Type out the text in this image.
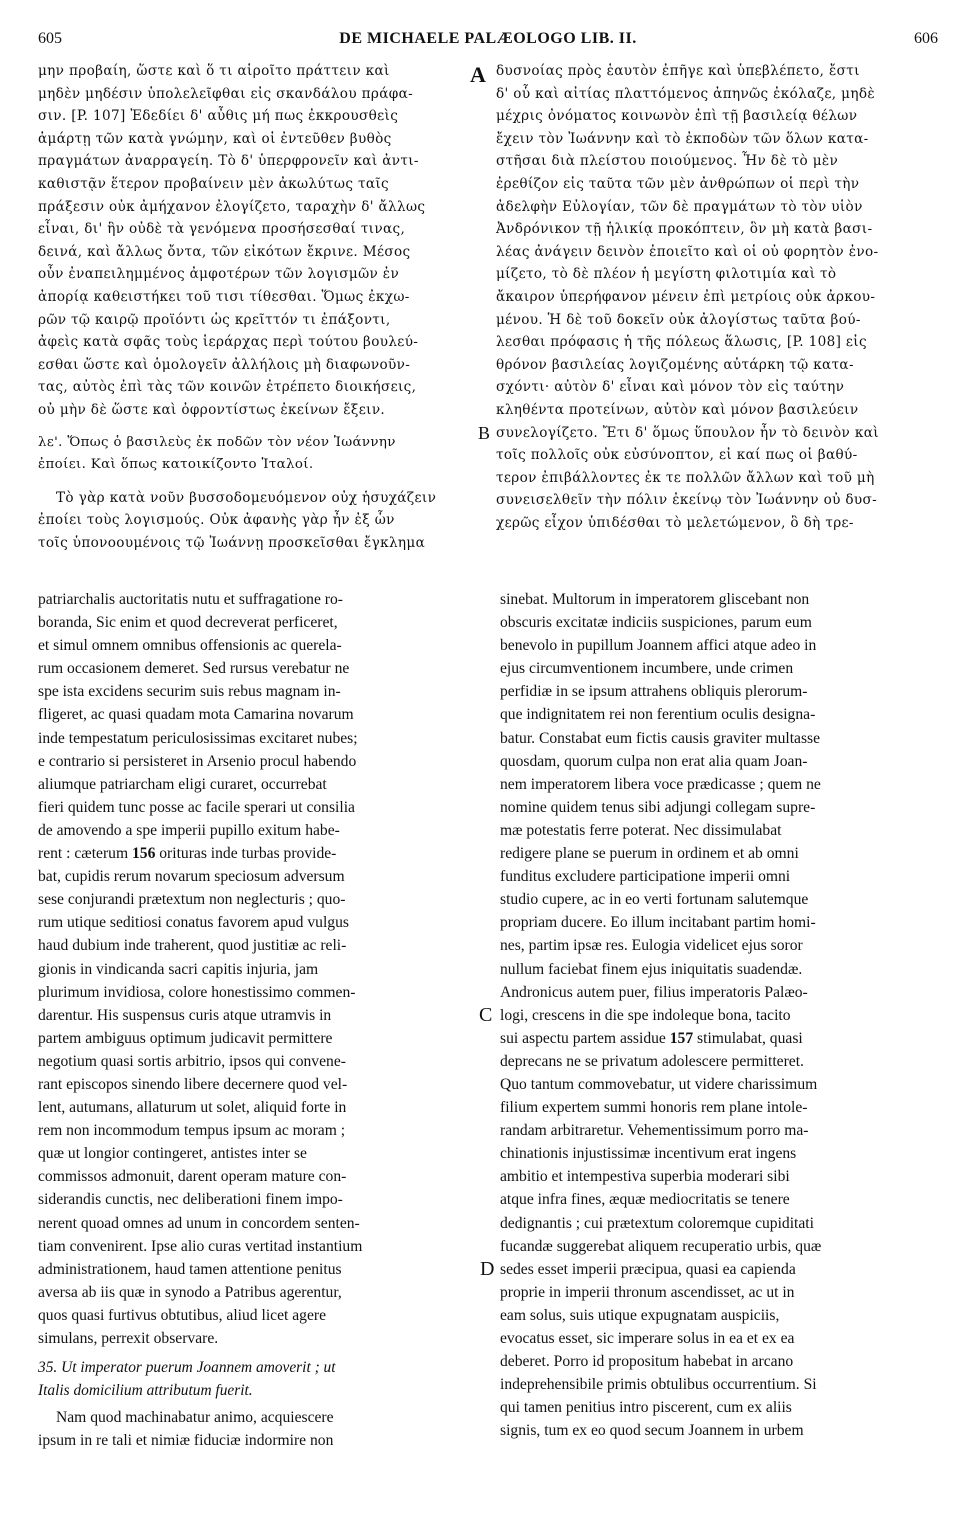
605	DE MICHAELE PALÆOLOGO LIB. II.	606
A
B
C
D
μην προβαίη, ὥστε καὶ ὅ τι αἱροῖτο πράττειν καὶ
μηδὲν μηδέσιν ὑπολελεῖφθαι εἰς σκανδάλου πράφα-
σιν. [P. 107] Ἐδεδίει δ' αὖθις μή πως ἐκκρουσθεὶς
ἁμάρτῃ τῶν κατὰ γνώμην, καὶ οἱ ἐντεῦθεν βυθὸς
πραγμάτων ἀναρραγείη. Τὸ δ' ὑπερφρονεῖν καὶ ἀντι-
καθιστᾷν ἕτερον προβαίνειν μὲν ἀκωλύτως ταῖς
πράξεσιν οὐκ ἀμήχανον ἐλογίζετο, ταραχὴν δ' ἄλλως
εἶναι, δι' ἣν οὐδὲ τὰ γενόμενα προσήσεσθαί τινας,
δεινά, καὶ ἄλλως ὄντα, τῶν εἰκότων ἔκρινε. Μέσος
οὖν ἐναπειλημμένος ἀμφοτέρων τῶν λογισμῶν ἐν
ἀπορίᾳ καθειστήκει τοῦ τισι τίθεσθαι. Ὅμως ἐκχω-
ρῶν τῷ καιρῷ προϊόντι ὡς κρεῖττόν τι ἐπάξοντι,
ἀφεὶς κατὰ σφᾶς τοὺς ἱεράρχας περὶ τούτου βουλεύ-
εσθαι ὥστε καὶ ὁμολογεῖν ἀλλήλοις μὴ διαφωνοῦν-
τας, αὐτὸς ἐπὶ τὰς τῶν κοινῶν ἐτρέπετο διοικήσεις,
οὐ μὴν δὲ ὥστε καὶ ὀφροντίστως ἐκείνων ἔξειν.
λε'. Ὅπως ὁ βασιλεὺς ἐκ ποδῶν τὸν νέον Ἰωάννην
ἐποίει. Καὶ ὅπως κατοικίζοντο Ἰταλοί.
Τὸ γὰρ κατὰ νοῦν βυσσοδομευόμενον οὐχ ἡσυχάζειν
ἐποίει τοὺς λογισμούς. Οὐκ ἀφανὴς γὰρ ἦν ἐξ ὧν
τοῖς ὑπονοουμένοις τῷ Ἰωάννῃ προσκεῖσθαι ἔγκλημα
δυσνοίας πρὸς ἑαυτὸν ἐπῆγε καὶ ὑπεβλέπετο, ἔστι
δ' οὗ καὶ αἰτίας πλαττόμενος ἀπηνῶς ἐκόλαζε, μηδὲ
μέχρις ὀνόματος κοινωνὸν ἐπὶ τῇ βασιλείᾳ θέλων
ἔχειν τὸν Ἰωάννην καὶ τὸ ἐκποδὼν τῶν ὅλων κατα-
στῆσαι διὰ πλείστου ποιούμενος. Ἦν δὲ τὸ μὲν
ἐρεθίζον εἰς ταῦτα τῶν μὲν ἀνθρώπων οἱ περὶ τὴν
ἀδελφὴν Εὐλογίαν, τῶν δὲ πραγμάτων τὸ τὸν υἱὸν
Ἀνδρόνικον τῇ ἡλικίᾳ προκόπτειν, ὃν μὴ κατὰ βασι-
λέας ἀνάγειν δεινὸν ἐποιεῖτο καὶ οἱ οὐ φορητὸν ἐνο-
μίζετο, τὸ δὲ πλέον ἡ μεγίστη φιλοτιμία καὶ τὸ
ἄκαιρον ὑπερήφανον μένειν ἐπὶ μετρίοις οὐκ ἀρκου-
μένου. Ἡ δὲ τοῦ δοκεῖν οὐκ ἀλογίστως ταῦτα βού-
λεσθαι πρόφασις ἡ τῆς πόλεως ἅλωσις, [P. 108] εἰς
θρόνον βασιλείας λογιζομένης αὐτάρκη τῷ κατα-
σχόντι· αὐτὸν δ' εἶναι καὶ μόνον τὸν εἰς ταύτην
κληθέντα προτείνων, αὐτὸν καὶ μόνον βασιλεύειν
συνελογίζετο. Ἔτι δ' ὅμως ὕπουλον ἦν τὸ δεινὸν καὶ
τοῖς πολλοῖς οὐκ εὐσύνοπτον, εἰ καί πως οἱ βαθύ-
τερον ἐπιβάλλοντες ἐκ τε πολλῶν ἄλλων καὶ τοῦ μὴ
συνεισελθεῖν τὴν πόλιν ἐκείνῳ τὸν Ἰωάννην οὐ δυσ-
χερῶς εἶχον ὑπιδέσθαι τὸ μελετώμενον, ὃ δὴ τρε-
patriarchalis auctoritatis nutu et suffragatione ro-
boranda, Sic enim et quod decreverat perficeret,
et simul omnem omnibus offensionis ac querela-
rum occasionem demeret. Sed rursus verebatur ne
spe ista excidens securim suis rebus magnam in-
fligeret, ac quasi quadam mota Camarina novarum
inde tempestatum periculosissimas excitaret nubes;
e contrario si persisteret in Arsenio procul habendo
aliumque patriarcham eligi curaret, occurrebat
fieri quidem tunc posse ac facile sperari ut consilia
de amovendo a spe imperii pupillo exitum habe-
rent : cæterum 156 orituras inde turbas provide-
bat, cupidis rerum novarum speciosum adversum
sese conjurandi prætextum non neglecturis ; quo-
rum utique seditiosi conatus favorem apud vulgus
haud dubium inde traherent, quod justitiæ ac reli-
gionis in vindicanda sacri capitis injuria, jam
plurimum invidiosa, colore honestissimo commen-
darentur. His suspensus curis atque utramvis in
partem ambiguus optimum judicavit permittere
negotium quasi sortis arbitrio, ipsos qui convene-
rant episcopos sinendo libere decernere quod vel-
lent, autumans, allaturum ut solet, aliquid forte in
rem non incommodum tempus ipsum ac moram ;
quæ ut longior contingeret, antistes inter se
commissos admonuit, darent operam mature con-
siderandis cunctis, nec deliberationi finem impo-
nerent quoad omnes ad unum in concordem senten-
tiam convenirent. Ipse alio curas vertitad instantium
administrationem, haud tamen attentione penitus
aversa ab iis quæ in synodo a Patribus agerentur,
quos quasi furtivus obtutibus, aliud licet agere
simulans, perrexit observare.
35. Ut imperator puerum Joannem amoverit ; ut
Italis domicilium attributum fuerit.
Nam quod machinabatur animo, acquiescere
ipsum in re tali et nimiæ fiduciæ indormire non
sinebat. Multorum in imperatorem gliscebant non
obscuris excitatæ indiciis suspiciones, parum eum
benevolo in pupillum Joannem affici atque adeo in
ejus circumventionem incumbere, unde crimen
perfidiæ in se ipsum attrahens obliquis plerorum-
que indignitatem rei non ferentium oculis designa-
batur. Constabat eum fictis causis graviter multasse
quosdam, quorum culpa non erat alia quam Joan-
nem imperatorem libera voce prædicasse ; quem ne
nomine quidem tenus sibi adjungi collegam supre-
mæ potestatis ferre poterat. Nec dissimulabat
redigere plane se puerum in ordinem et ab omni
funditus excludere participatione imperii omni
studio cupere, ac in eo verti fortunam salutemque
propriam ducere. Eo illum incitabant partim homi-
nes, partim ipsæ res. Eulogia videlicet ejus soror
nullum faciebat finem ejus iniquitatis suadendæ.
Andronicus autem puer, filius imperatoris Palæo-
logi, crescens in die spe indoleque bona, tacito
sui aspectu partem assidue 157 stimulabat, quasi
deprecans ne se privatum adolescere permitteret.
Quo tantum commovebatur, ut videre charissimum
filium expertem summi honoris rem plane intole-
randam arbitraretur. Vehementissimum porro ma-
chinationis injustissimæ incentivum erat ingens
ambitio et intempestiva superbia moderari sibi
atque infra fines, æquæ mediocritatis se tenere
dedignantis ; cui prætextum coloremque cupiditati
fucandæ suggerebat aliquem recuperatio urbis, quæ
sedes esset imperii præcipua, quasi ea capienda
proprie in imperii thronum ascendisset, ac ut in
eam solus, suis utique expugnatam auspiciis,
evocatus esset, sic imperare solus in ea et ex ea
deberet. Porro id propositum habebat in arcano
indeprehensibile primis obtulibus occurrentium. Si
qui tamen penitius intro piscerent, cum ex aliis
signis, tum ex eo quod secum Joannem in urbem
